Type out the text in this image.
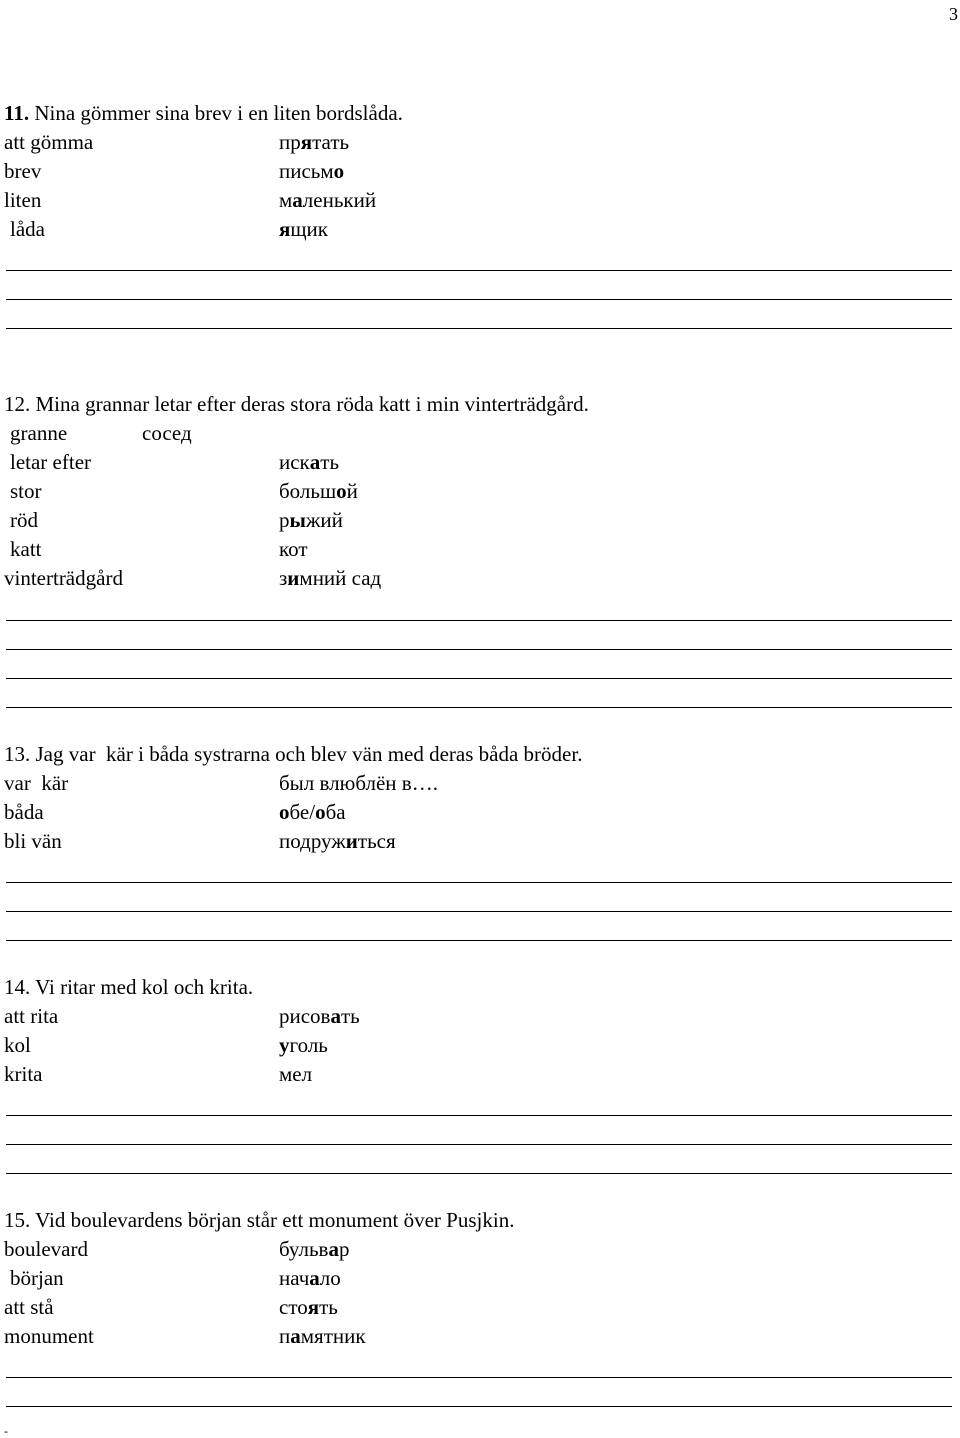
3
11. Nina gömmer sina brev i en liten bordslåda.
att gömma	прятать
brev	письмо
liten	маленький
låda	ящик
12. Mina grannar letar efter deras stora röda katt i min vinterträdgård.
granne	сосед
letar efter	искать
stor	большой
röd	рыжий
katt	кот
vinterträdgård	зимний сад
13. Jag var  kär i båda systrarna och blev vän med deras båda bröder.
var  kär	был влюблён в….
båda	обе/оба
bli vän	подружиться
14. Vi ritar med kol och krita.
att rita	рисовать
kol	уголь
krita	мел
15. Vid boulevardens början står ett monument över Pusjkin.
boulevard	бульвар
början	начало
att stå	стоять
monument	памятник
-
